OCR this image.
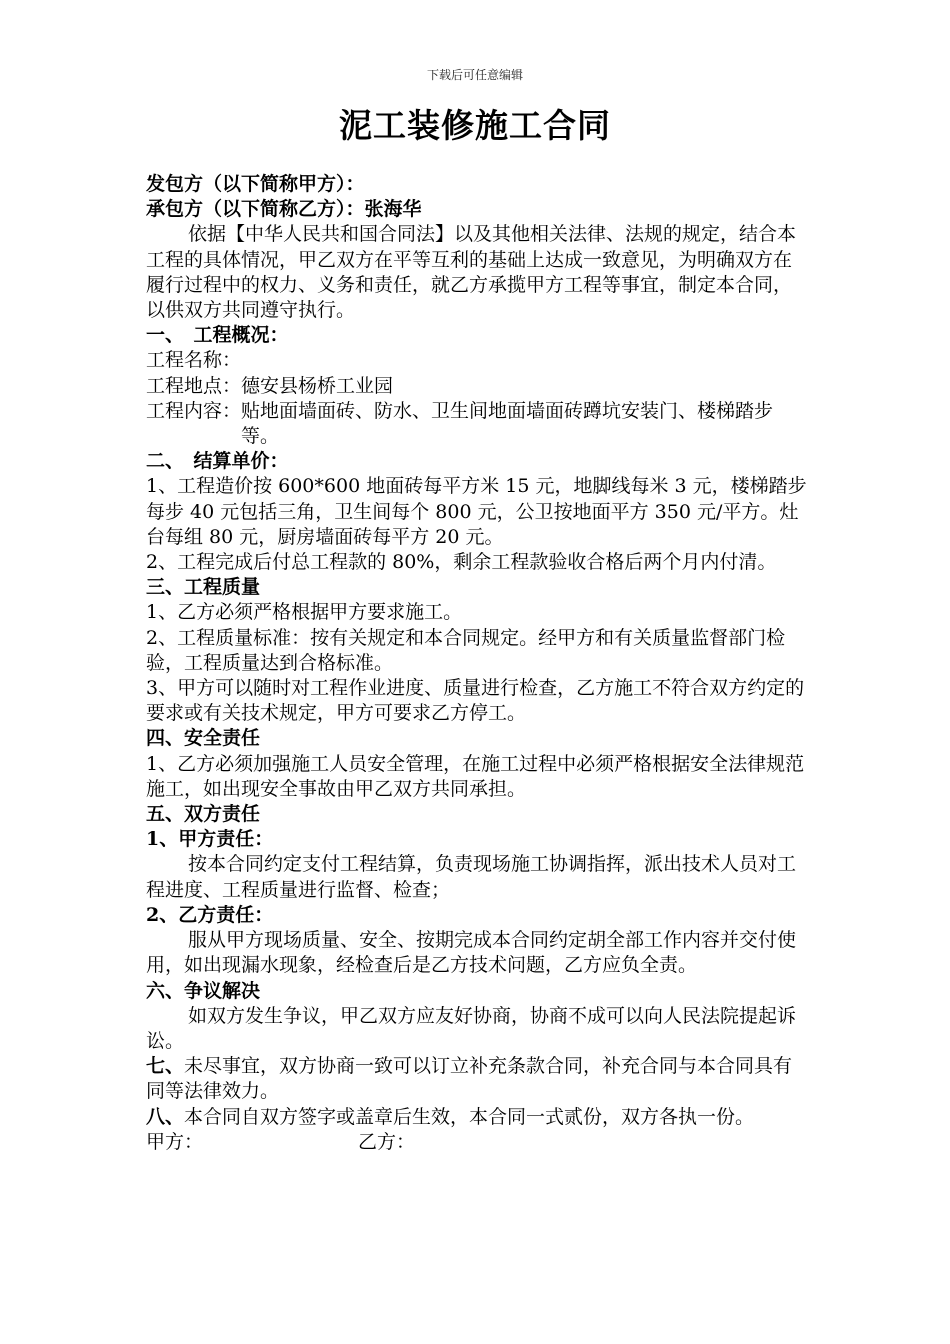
下载后可任意编辑
泥工装修施工合同

发包方（以下简称甲方）：

承包方（以下简称乙方）：张海华

依据【中华人民共和国合同法】以及其他相关法律、法规的规定，结合本工程的具体情况，甲乙双方在平等互利的基础上达成一致意见，为明确双方在履行过程中的权力、义务和责任，就乙方承揽甲方工程等事宜，制定本合同，以供双方共同遵守执行。

一、　工程概况：

工程名称：

工程地点： 德安县杨桥工业园

工程内容： 贴地面墙面砖、防水、卫生间地面墙面砖蹲坑安装门、楼梯踏步等。

二、　结算单价：

1、工程造价按 600*600 地面砖每平方米 15 元，地脚线每米 3 元，楼梯踏步每步 40 元包括三角，卫生间每个 800 元，公卫按地面平方 350 元/平方。灶台每组 80 元，厨房墙面砖每平方 20 元。

2、工程完成后付总工程款的 80%，剩余工程款验收合格后两个月内付清。

三、工程质量

1、乙方必须严格根据甲方要求施工。

2、工程质量标准：按有关规定和本合同规定。经甲方和有关质量监督部门检验，工程质量达到合格标准。

3、甲方可以随时对工程作业进度、质量进行检查，乙方施工不符合双方约定的要求或有关技术规定，甲方可要求乙方停工。

四、安全责任

1、乙方必须加强施工人员安全管理，在施工过程中必须严格根据安全法律规范施工，如出现安全事故由甲乙双方共同承担。

五、双方责任

1、甲方责任：

按本合同约定支付工程结算，负责现场施工协调指挥，派出技术人员对工程进度、工程质量进行监督、检查；

2、乙方责任：

服从甲方现场质量、安全、按期完成本合同约定胡全部工作内容并交付使用，如出现漏水现象，经检查后是乙方技术问题，乙方应负全责。

六、争议解决

如双方发生争议，甲乙双方应友好协商，协商不成可以向人民法院提起诉讼。

七、未尽事宜，双方协商一致可以订立补充条款合同，补充合同与本合同具有同等法律效力。

八、本合同自双方签字或盖章后生效，本合同一式贰份，双方各执一份。

甲方：	乙方：
